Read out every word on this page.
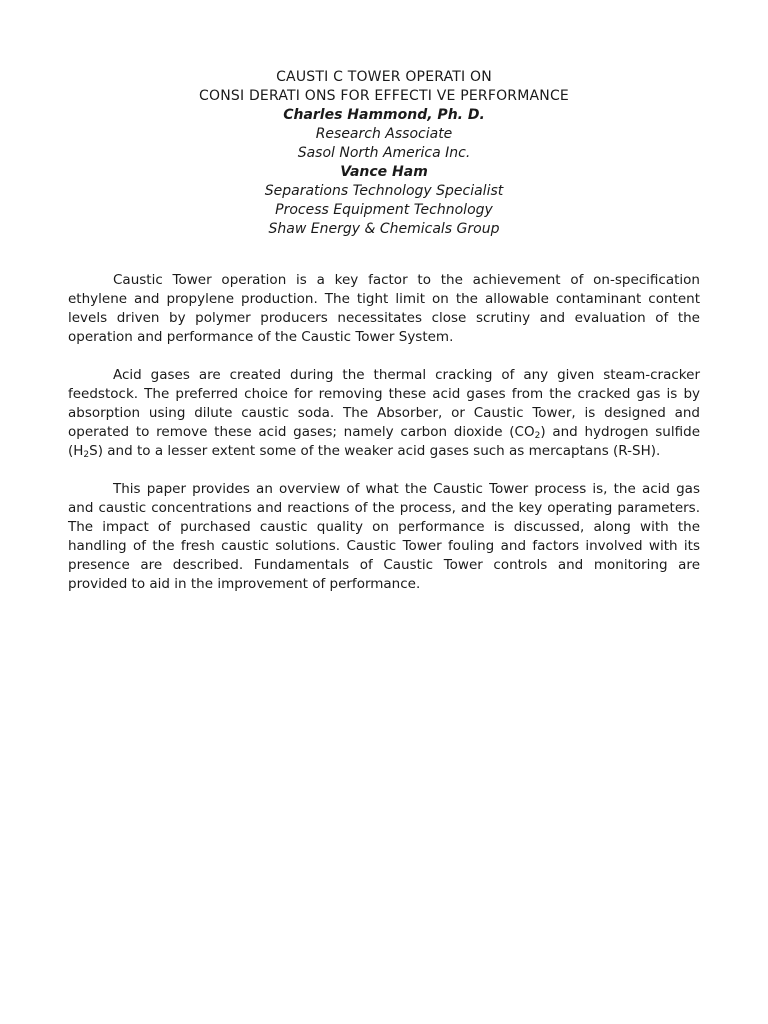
CAUSTI C TOWER OPERATI ON
CONSI DERATI ONS FOR EFFECTI VE PERFORMANCE
Charles Hammond, Ph. D.
Research Associate
Sasol North America Inc.
Vance Ham
Separations Technology Specialist
Process Equipment Technology
Shaw Energy & Chemicals Group

Caustic Tower operation is a key factor to the achievement of on-specification ethylene and propylene production. The tight limit on the allowable contaminant content levels driven by polymer producers necessitates close scrutiny and evaluation of the operation and performance of the Caustic Tower System.

Acid gases are created during the thermal cracking of any given steam-cracker feedstock. The preferred choice for removing these acid gases from the cracked gas is by absorption using dilute caustic soda. The Absorber, or Caustic Tower, is designed and operated to remove these acid gases; namely carbon dioxide $(CO_2)$ and hydrogen sulfide $(H_2S)$ and to a lesser extent some of the weaker acid gases such as mercaptans (R-SH).

This paper provides an overview of what the Caustic Tower process is, the acid gas and caustic concentrations and reactions of the process, and the key operating parameters. The impact of purchased caustic quality on performance is discussed, along with the handling of the fresh caustic solutions. Caustic Tower fouling and factors involved with its presence are described. Fundamentals of Caustic Tower controls and monitoring are provided to aid in the improvement of performance.
